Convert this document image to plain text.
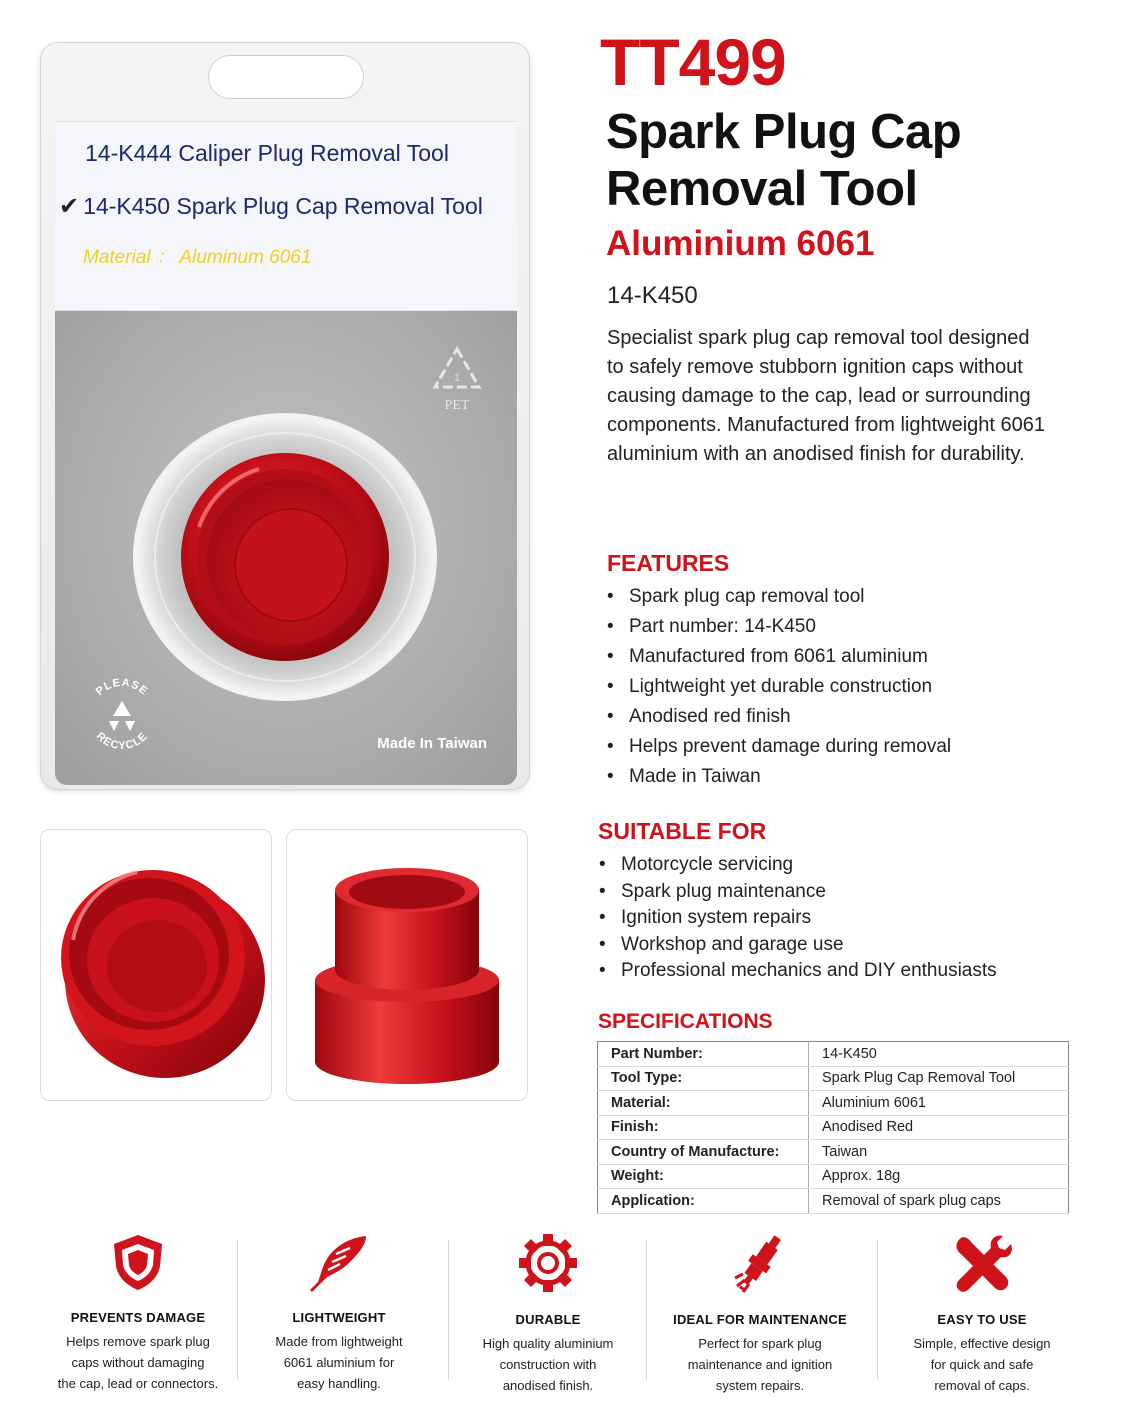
14-K444 Caliper Plug Removal Tool
✔ 14-K450 Spark Plug Cap Removal Tool
Material ： Aluminum 6061
1
PET
PLEASE
RECYCLE	Made In Taiwan
TT499
Spark Plug Cap Removal Tool
Aluminium 6061
14-K450
Specialist spark plug cap removal tool designed to safely remove stubborn ignition caps without causing damage to the cap, lead or surrounding components. Manufactured from lightweight 6061 aluminium with an anodised finish for durability.
FEATURES
• Spark plug cap removal tool
• Part number: 14-K450
• Manufactured from 6061 aluminium
• Lightweight yet durable construction
• Anodised red finish
• Helps prevent damage during removal
• Made in Taiwan
SUITABLE FOR
• Motorcycle servicing
• Spark plug maintenance
• Ignition system repairs
• Workshop and garage use
• Professional mechanics and DIY enthusiasts
SPECIFICATIONS
Part Number:	14-K450
Tool Type:	Spark Plug Cap Removal Tool
Material:	Aluminium 6061
Finish:	Anodised Red
Country of Manufacture:	Taiwan
Weight:	Approx. 18g
Application:	Removal of spark plug caps
PREVENTS DAMAGE
Helps remove spark plug
caps without damaging
the cap, lead or connectors.
LIGHTWEIGHT
Made from lightweight
6061 aluminium for
easy handling.
DURABLE
High quality aluminium
construction with
anodised finish.
IDEAL FOR MAINTENANCE
Perfect for spark plug
maintenance and ignition
system repairs.
EASY TO USE
Simple, effective design
for quick and safe
removal of caps.
